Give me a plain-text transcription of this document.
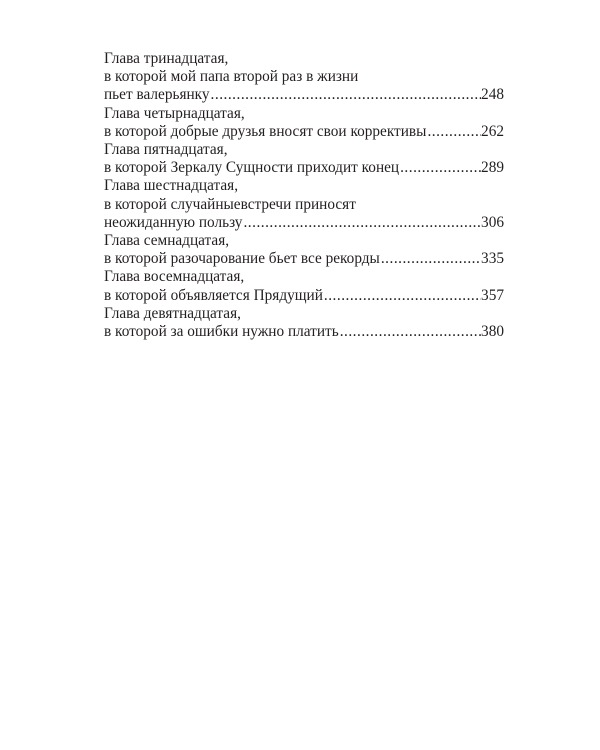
Глава тринадцатая,
в которой мой папа второй раз в жизни
пьет валерьянку .....	248
Глава четырнадцатая,
в которой добрые друзья вносят свои коррективы .....	262
Глава пятнадцатая,
в которой Зеркалу Сущности приходит конец .....	289
Глава шестнадцатая,
в которой случайныевстречи приносят
неожиданную пользу .....	306
Глава семнадцатая,
в которой разочарование бьет все рекорды .....	335
Глава восемнадцатая,
в которой объявляется Прядущий .....	357
Глава девятнадцатая,
в которой за ошибки нужно платить .....	380
